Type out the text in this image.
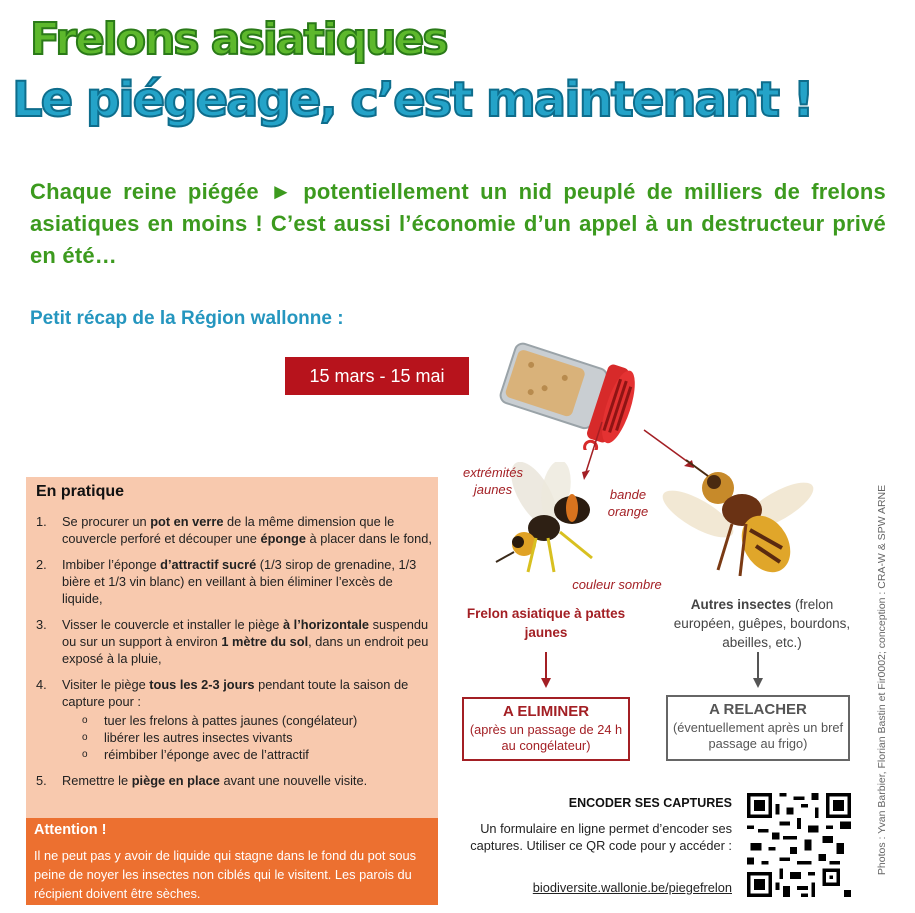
Frelons asiatiques
Le piégeage, c’est maintenant !
Chaque reine piégée ► potentiellement un nid peuplé de milliers de frelons asiatiques en moins ! C’est aussi l’économie d’un appel à un destructeur privé en été…
Petit récap de la Région wallonne :
15 mars - 15 mai
extrémités jaunes	bande orange
couleur sombre
Frelon asiatique à pattes jaunes
Autres insectes (frelon européen, guêpes, bourdons, abeilles, etc.)
A ELIMINER
(après un passage de 24 h au congélateur)
A RELACHER
(éventuellement après un bref passage au frigo)
En pratique
1. Se procurer un pot en verre de la même dimension que le couvercle perforé et découper une éponge à placer dans le fond,
2. Imbiber l’éponge d’attractif sucré (1/3 sirop de grenadine, 1/3 bière et 1/3 vin blanc) en veillant à bien éliminer l’excès de liquide,
3. Visser le couvercle et installer le piège à l’horizontale suspendu ou sur un support à environ 1 mètre du sol, dans un endroit peu exposé à la pluie,
4. Visiter le piège tous les 2-3 jours pendant toute la saison de capture pour :
o tuer les frelons à pattes jaunes (congélateur)
o libérer les autres insectes vivants
o réimbiber l’éponge avec de l’attractif
5. Remettre le piège en place avant une nouvelle visite.
Attention !

Il ne peut pas y avoir de liquide qui stagne dans le fond du pot sous peine de noyer les insectes non ciblés qui le visitent. Les parois du récipient doivent être sèches.

ENCODER SES CAPTURES
Un formulaire en ligne permet d’encoder ses captures. Utiliser ce QR code pour y accéder :
biodiversite.wallonie.be/piegefrelon
Photos : Yvan Barbier, Florian Bastin et Fir0002; conception : CRA-W & SPW ARNE
